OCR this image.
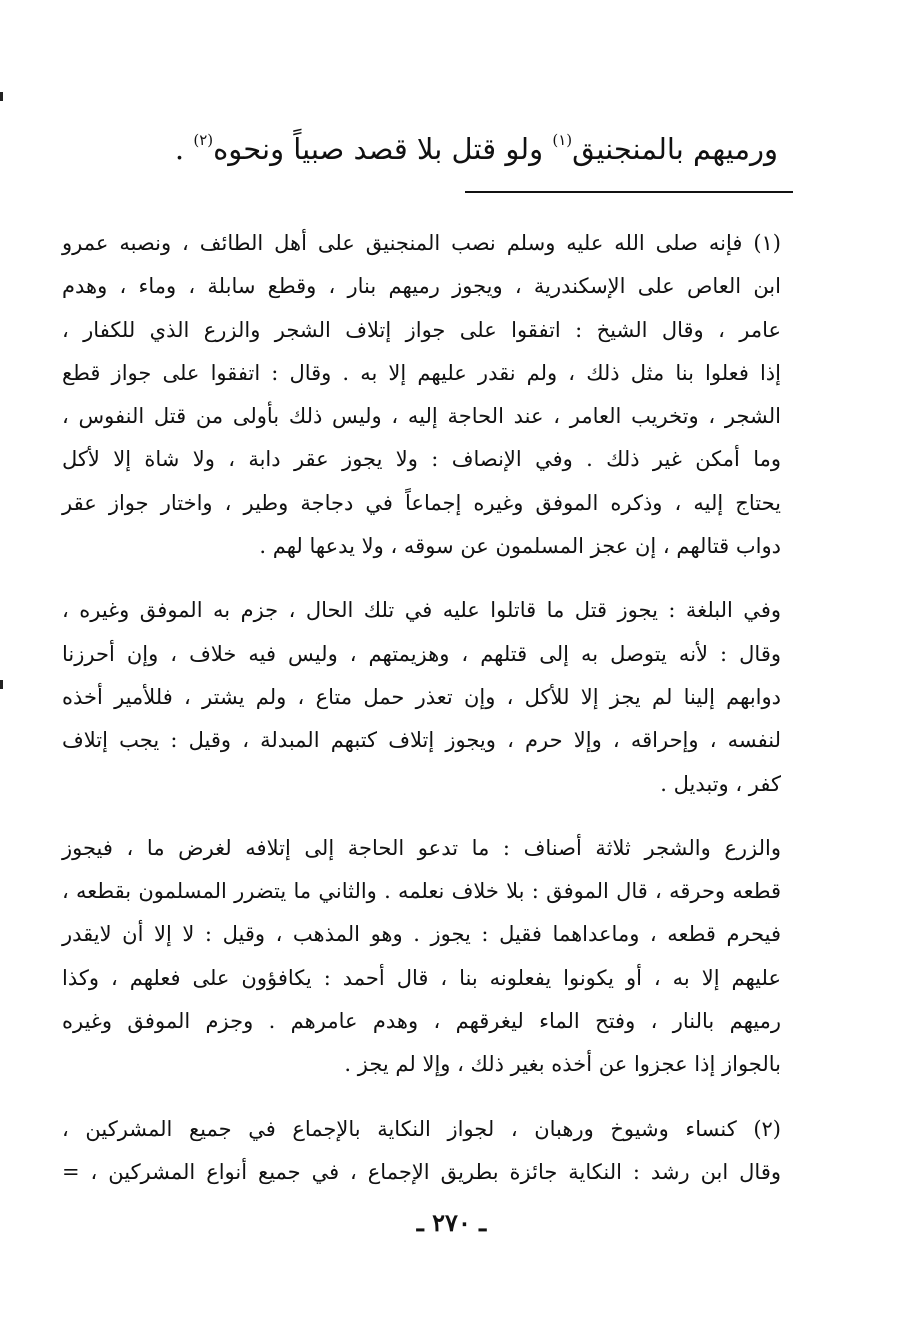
ورميهم بالمنجنيق$^{(١)}$ ولو قتل بلا قصد صبياً ونحوه$^{(٢)}$ .
(١) فإنه صلى الله عليه وسلم نصب المنجنيق على أهل الطائف ، ونصبه عمرو
ابن العاص على الإسكندرية ، ويجوز رميهم بنار ، وقطع سابلة ، وماء ، وهدم
عامر ، وقال الشيخ : اتفقوا على جواز إتلاف الشجر والزرع الذي للكفار ،
إذا فعلوا بنا مثل ذلك ، ولم نقدر عليهم إلا به . وقال : اتفقوا على جواز قطع
الشجر ، وتخريب العامر ، عند الحاجة إليه ، وليس ذلك بأولى من قتل النفوس ،
وما أمكن غير ذلك . وفي الإنصاف : ولا يجوز عقر دابة ، ولا شاة إلا لأكل
يحتاج إليه ، وذكره الموفق وغيره إجماعاً في دجاجة وطير ، واختار جواز عقر
دواب قتالهم ، إن عجز المسلمون عن سوقه ، ولا يدعها لهم .
وفي البلغة : يجوز قتل ما قاتلوا عليه في تلك الحال ، جزم به الموفق وغيره ،
وقال : لأنه يتوصل به إلى قتلهم ، وهزيمتهم ، وليس فيه خلاف ، وإن أحرزنا
دوابهم إلينا لم يجز إلا للأكل ، وإن تعذر حمل متاع ، ولم يشتر ، فللأمير أخذه
لنفسه ، وإحراقه ، وإلا حرم ، ويجوز إتلاف كتبهم المبدلة ، وقيل : يجب إتلاف
كفر ، وتبديل .
والزرع والشجر ثلاثة أصناف : ما تدعو الحاجة إلى إتلافه لغرض ما ، فيجوز
قطعه وحرقه ، قال الموفق : بلا خلاف نعلمه . والثاني ما يتضرر المسلمون بقطعه ،
فيحرم قطعه ، وماعداهما فقيل : يجوز . وهو المذهب ، وقيل : لا إلا أن لايقدر
عليهم إلا به ، أو يكونوا يفعلونه بنا ، قال أحمد : يكافؤون على فعلهم ، وكذا
رميهم بالنار ، وفتح الماء ليغرقهم ، وهدم عامرهم . وجزم الموفق وغيره
بالجواز إذا عجزوا عن أخذه بغير ذلك ، وإلا لم يجز .
(٢) كنساء وشيوخ ورهبان ، لجواز النكاية بالإجماع في جميع المشركين ،
وقال ابن رشد : النكاية جائزة بطريق الإجماع ، في جميع أنواع المشركين ، =
ـ ٢٧٠ ـ
